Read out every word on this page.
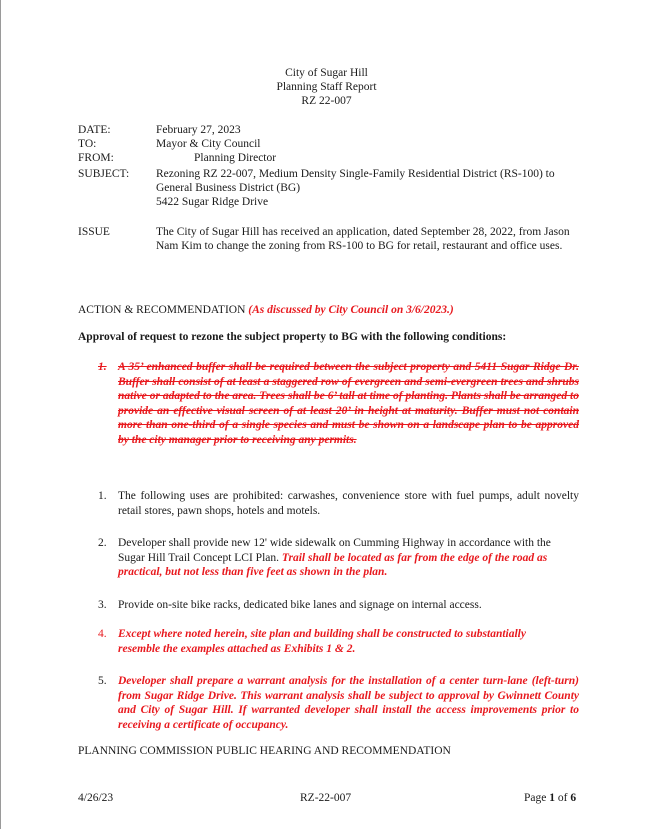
City of Sugar Hill
Planning Staff Report
RZ 22-007
DATE:	February 27, 2023
TO:	Mayor & City Council
FROM:	Planning Director
SUBJECT: Rezoning RZ 22-007, Medium Density Single-Family Residential District (RS-100) to
General Business District (BG)
5422 Sugar Ridge Drive
ISSUE	The City of Sugar Hill has received an application, dated September 28, 2022, from Jason Nam Kim to change the zoning from RS-100 to BG for retail, restaurant and office uses.
ACTION & RECOMMENDATION (As discussed by City Council on 3/6/2023.)
Approval of request to rezone the subject property to BG with the following conditions:
1. A 35’ enhanced buffer shall be required between the subject property and 5411 Sugar Ridge Dr. Buffer shall consist of at least a staggered row of evergreen and semi-evergreen trees and shrubs native or adapted to the area. Trees shall be 6’ tall at time of planting. Plants shall be arranged to provide an effective visual screen of at least 20’ in height at maturity. Buffer must not contain more than one-third of a single species and must be shown on a landscape plan to be approved by the city manager prior to receiving any permits.
1. The following uses are prohibited: carwashes, convenience store with fuel pumps, adult novelty retail stores, pawn shops, hotels and motels.
2. Developer shall provide new 12' wide sidewalk on Cumming Highway in accordance with the Sugar Hill Trail Concept LCI Plan. Trail shall be located as far from the edge of the road as practical, but not less than five feet as shown in the plan.
3. Provide on-site bike racks, dedicated bike lanes and signage on internal access.
4. Except where noted herein, site plan and building shall be constructed to substantially resemble the examples attached as Exhibits 1 & 2.
5. Developer shall prepare a warrant analysis for the installation of a center turn-lane (left-turn) from Sugar Ridge Drive. This warrant analysis shall be subject to approval by Gwinnett County and City of Sugar Hill. If warranted developer shall install the access improvements prior to receiving a certificate of occupancy.
PLANNING COMMISSION PUBLIC HEARING AND RECOMMENDATION
4/26/23	RZ-22-007	Page 1 of 6
